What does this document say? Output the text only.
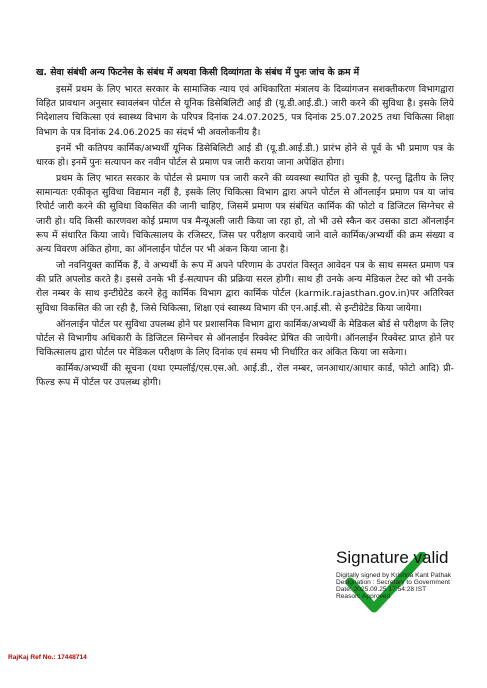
ख. सेवा संबंधी अन्य फिटनेस के संबंध में अथवा किसी दिव्यांगता के संबंध में पुनः जांच के क्रम में

इसमें प्रथम के लिए भारत सरकार के सामाजिक न्याय एवं अधिकारिता मंत्रालय के दिव्यांगजन सशक्तीकरण विभागद्वारा विहित प्रावधान अनुसार स्वावलंबन पोर्टल से यूनिक डिसेबिलिटी आई डी (यू.डी.आई.डी.) जारी करने की सुविधा है। इसके लिये निदेशालय चिकित्सा एवं स्वास्थ्य विभाग के परिपत्र दिनांक 24.07.2025, पत्र दिनांक 25.07.2025 तथा चिकित्सा शिक्षा विभाग के पत्र दिनांक 24.06.2025 का संदर्भ भी अवलोकनीय है।

इनमें भी कतिपय कार्मिक/अभ्यर्थी यूनिक डिसेबिलिटी आई डी (यू.डी.आई.डी.) प्रारंभ होने से पूर्व के भी प्रमाण पत्र के धारक हो। इनमें पुनः सत्यापन कर नवीन पोर्टल से प्रमाण पत्र जारी कराया जाना अपेक्षित होगा।

प्रथम के लिए भारत सरकार के पोर्टल से प्रमाण पत्र जारी करने की व्यवस्था स्थापित हो चुकी है, परन्तु द्वितीय के लिए सामान्यतः एकीकृत सुविधा विद्यमान नहीं है, इसके लिए चिकित्सा विभाग द्वारा अपने पोर्टल से ऑनलाईन प्रमाण पत्र या जांच रिपोर्ट जारी करने की सुविधा विकसित की जानी चाहिए, जिसमें प्रमाण पत्र संबंधित कार्मिक की फोटो व डिजिटल सिग्नेचर से जारी हो। यदि किसी कारणवश कोई प्रमाण पत्र मैन्यूअली जारी किया जा रहा हो, तो भी उसे स्कैन कर उसका डाटा ऑनलाईन रूप में संधारित किया जाये। चिकित्सालय के रजिस्टर, जिस पर परीक्षण करवाये जाने वाले कार्मिक/अभ्यर्थी की क्रम संख्या व अन्य विवरण अंकित होगा, का ऑनलाईन पोर्टल पर भी अंकन किया जाना है।

जो नवनियुक्त कार्मिक हैं, वे अभ्यर्थी के रूप में अपने परिणाम के उपरांत विस्तृत आवेदन पत्र के साथ समस्त प्रमाण पत्र की प्रति अपलोड करते है। इससे उनके भी ई-सत्यापन की प्रक्रिया सरल होगी। साथ ही उनके अन्य मेडिकल टेस्ट को भी उनके रोल नम्बर के साथ इन्टीग्रेटेड करने हेतु कार्मिक विभाग द्वारा कार्मिक पोर्टल (karmik.rajasthan.gov.in)पर अतिरिक्त सुविधा विकसित की जा रही है, जिसे चिकित्सा, शिक्षा एवं स्वास्थ्य विभाग की एन.आई.सी. से इन्टीग्रेटेड किया जायेगा।

ऑनलाईन पोर्टल पर सुविधा उपलब्ध होने पर प्रशासनिक विभाग द्वारा कार्मिक/अभ्यर्थी के मेडिकल बोर्ड से परीक्षण के लिए पोर्टल से विभागीय अधिकारी के डिजिटल सिग्नेचर से ऑनलाईन रिक्वेस्ट प्रेषित की जायेगी। ऑनलाईन रिक्वेस्ट प्राप्त होने पर चिकित्सालय द्वारा पोर्टल पर मेडिकल परीक्षण के लिए दिनांक एवं समय भी निर्धारित कर अंकित किया जा सकेगा।

कार्मिक/अभ्यर्थी की सूचना (यथा एम्पलॉई/एस.एस.ओ. आई.डी., रोल नम्बर, जनआधार/आधार कार्ड, फोटो आदि) प्री-फिल्ड रूप में पोर्टल पर उपलब्ध होगी।

Signature valid
Digitally signed by Krishna Kant Pathak
Designation : Secretary to Government
Date: 2025.09.25 17:54:28 IST
Reason: Approved
RajKaj Ref No.: 17448714
